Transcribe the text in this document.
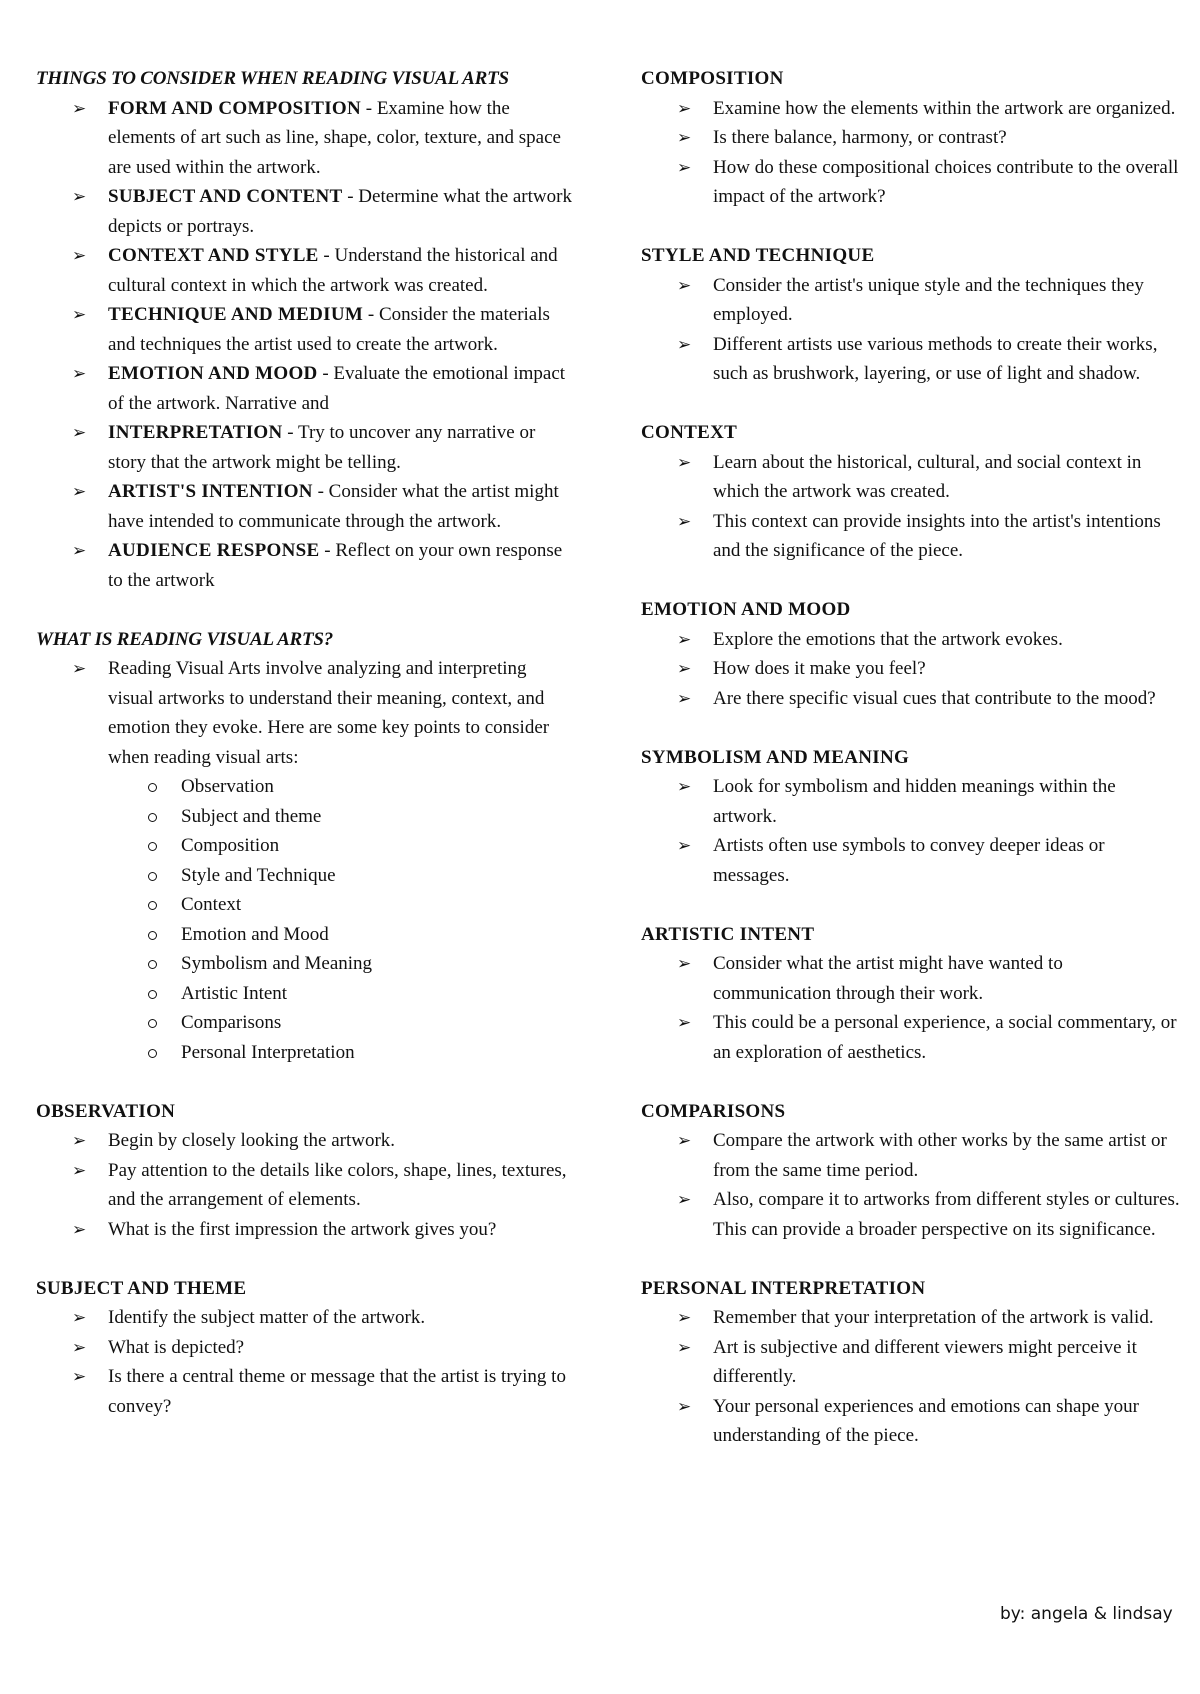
THINGS TO CONSIDER WHEN READING VISUAL ARTS
➢ FORM AND COMPOSITION - Examine how the elements of art such as line, shape, color, texture, and space are used within the artwork.
➢ SUBJECT AND CONTENT - Determine what the artwork depicts or portrays.
➢ CONTEXT AND STYLE - Understand the historical and cultural context in which the artwork was created.
➢ TECHNIQUE AND MEDIUM - Consider the materials and techniques the artist used to create the artwork.
➢ EMOTION AND MOOD - Evaluate the emotional impact of the artwork. Narrative and
➢ INTERPRETATION - Try to uncover any narrative or story that the artwork might be telling.
➢ ARTIST'S INTENTION - Consider what the artist might have intended to communicate through the artwork.
➢ AUDIENCE RESPONSE - Reflect on your own response to the artwork
WHAT IS READING VISUAL ARTS?
➢ Reading Visual Arts involve analyzing and interpreting visual artworks to understand their meaning, context, and emotion they evoke. Here are some key points to consider when reading visual arts:
Observation
Subject and theme
Composition
Style and Technique
Context
Emotion and Mood
Symbolism and Meaning
Artistic Intent
Comparisons
Personal Interpretation
OBSERVATION
➢ Begin by closely looking the artwork.
➢ Pay attention to the details like colors, shape, lines, textures, and the arrangement of elements.
➢ What is the first impression the artwork gives you?
SUBJECT AND THEME
➢ Identify the subject matter of the artwork.
➢ What is depicted?
➢ Is there a central theme or message that the artist is trying to convey?
COMPOSITION
➢ Examine how the elements within the artwork are organized.
➢ Is there balance, harmony, or contrast?
➢ How do these compositional choices contribute to the overall impact of the artwork?
STYLE AND TECHNIQUE
➢ Consider the artist's unique style and the techniques they employed.
➢ Different artists use various methods to create their works, such as brushwork, layering, or use of light and shadow.
CONTEXT
➢ Learn about the historical, cultural, and social context in which the artwork was created.
➢ This context can provide insights into the artist's intentions and the significance of the piece.
EMOTION AND MOOD
➢ Explore the emotions that the artwork evokes.
➢ How does it make you feel?
➢ Are there specific visual cues that contribute to the mood?
SYMBOLISM AND MEANING
➢ Look for symbolism and hidden meanings within the artwork.
➢ Artists often use symbols to convey deeper ideas or messages.
ARTISTIC INTENT
➢ Consider what the artist might have wanted to communication through their work.
➢ This could be a personal experience, a social commentary, or an exploration of aesthetics.
COMPARISONS
➢ Compare the artwork with other works by the same artist or from the same time period.
➢ Also, compare it to artworks from different styles or cultures. This can provide a broader perspective on its significance.
PERSONAL INTERPRETATION
➢ Remember that your interpretation of the artwork is valid.
➢ Art is subjective and different viewers might perceive it differently.
➢ Your personal experiences and emotions can shape your understanding of the piece.
by: angela & lindsay
